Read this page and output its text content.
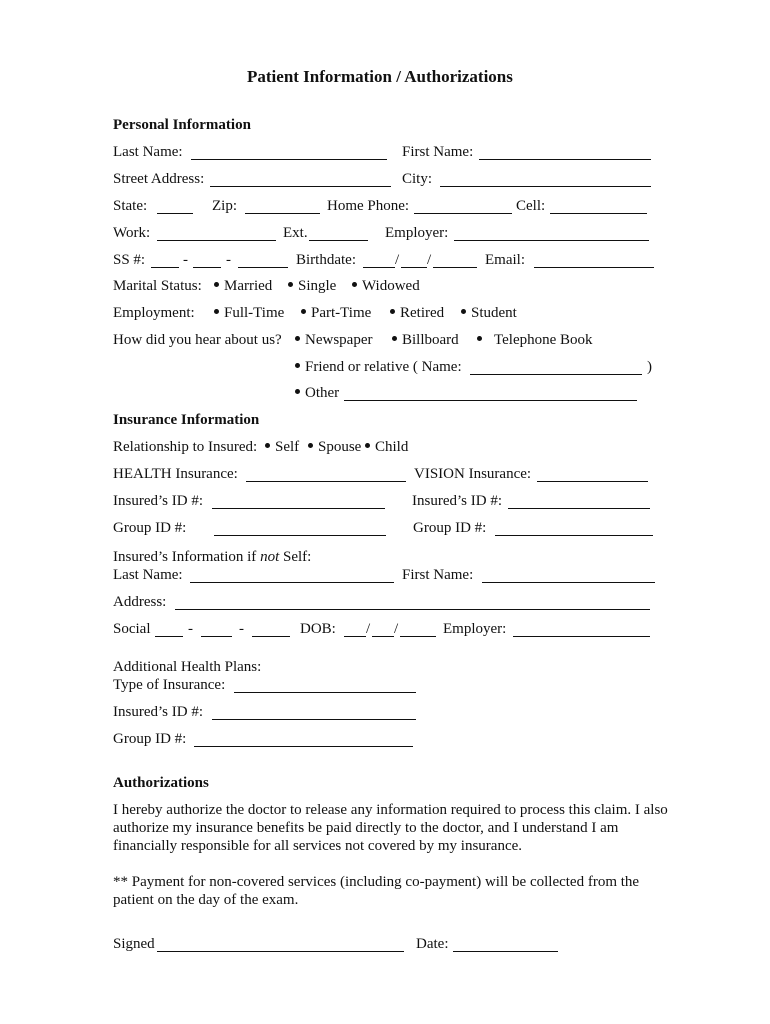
Patient Information / Authorizations
Personal Information
Last Name:	First Name:
Street Address:	City:
State:	Zip:	Home Phone:	Cell:
Work:	Ext.	Employer:
SS #:	-	-	Birthdate:	/ /	Email:
Marital Status:	Married	Single	Widowed
Employment:	Full-Time	Part-Time	Retired	Student
How did you hear about us?	Newspaper	Billboard	Telephone Book
Friend or relative ( Name:	)
Other
Insurance Information
Relationship to Insured:	Self	Spouse Child
HEALTH Insurance:	VISION Insurance:
Insured’s ID #:	Insured’s ID #:
Group ID #:	Group ID #:
Insured’s Information if not Self:
Last Name:	First Name:
Address:
Social	-	-	DOB: / /	Employer:
Additional Health Plans:
Type of Insurance:
Insured’s ID #:
Group ID #:
Authorizations
I hereby authorize the doctor to release any information required to process this claim. I also authorize my insurance benefits be paid directly to the doctor, and I understand I am financially responsible for all services not covered by my insurance.
** Payment for non-covered services (including co-payment) will be collected from the patient on the day of the exam.
Signed	Date:
